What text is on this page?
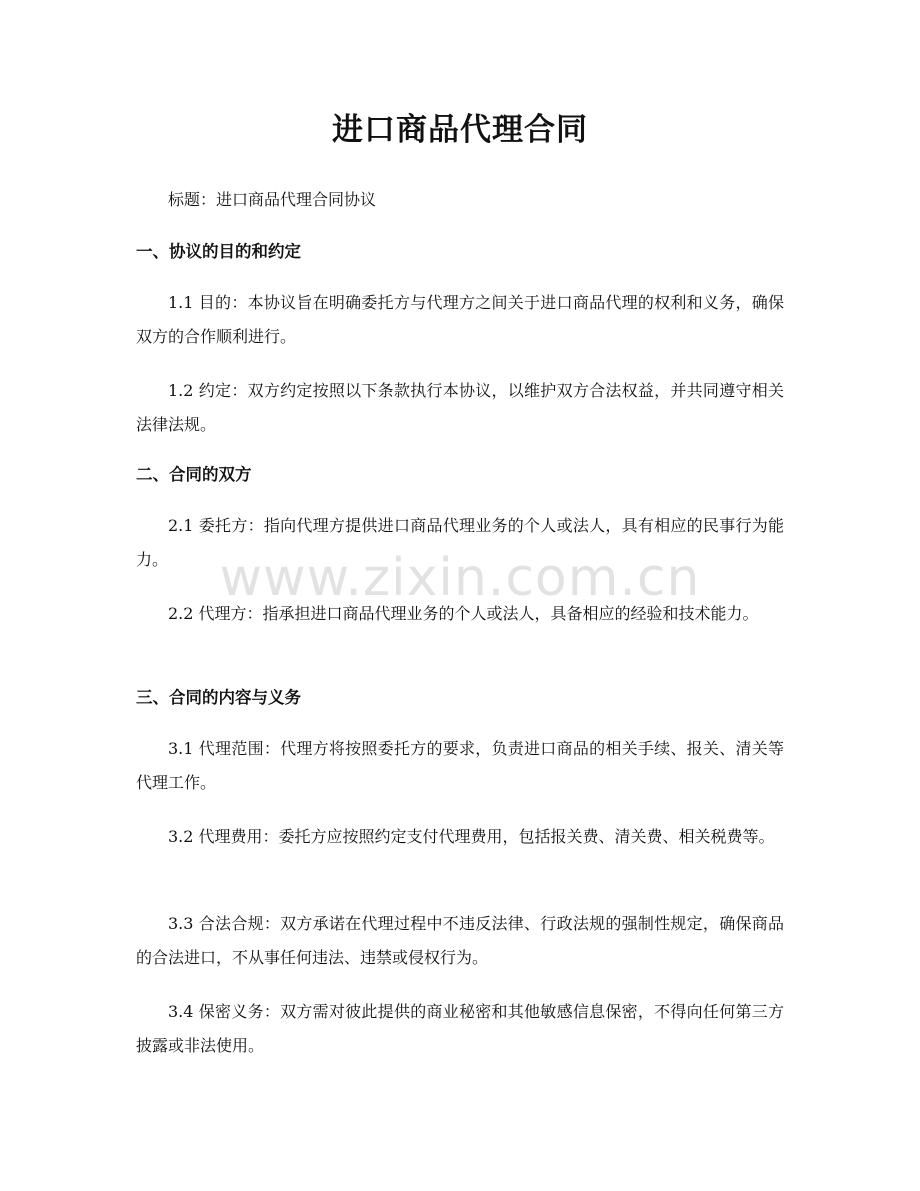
进口商品代理合同

标题：进口商品代理合同协议

一、协议的目的和约定

1.1 目的：本协议旨在明确委托方与代理方之间关于进口商品代理的权利和义务，确保双方的合作顺利进行。

1.2 约定：双方约定按照以下条款执行本协议，以维护双方合法权益，并共同遵守相关法律法规。

二、合同的双方

2.1 委托方：指向代理方提供进口商品代理业务的个人或法人，具有相应的民事行为能力。

2.2 代理方：指承担进口商品代理业务的个人或法人，具备相应的经验和技术能力。

三、合同的内容与义务

3.1 代理范围：代理方将按照委托方的要求，负责进口商品的相关手续、报关、清关等代理工作。

3.2 代理费用：委托方应按照约定支付代理费用，包括报关费、清关费、相关税费等。

3.3 合法合规：双方承诺在代理过程中不违反法律、行政法规的强制性规定，确保商品的合法进口，不从事任何违法、违禁或侵权行为。

3.4 保密义务：双方需对彼此提供的商业秘密和其他敏感信息保密，不得向任何第三方披露或非法使用。

www.zixin.com.cn
